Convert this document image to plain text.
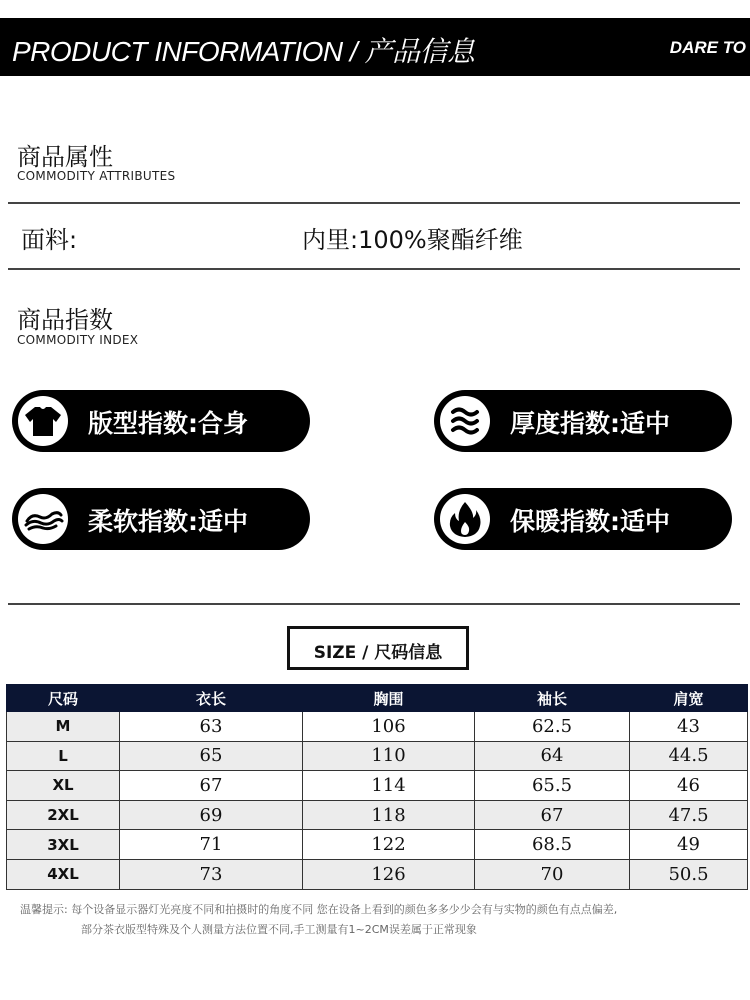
PRODUCT INFORMATION / 产品信息	DARE TO
商品属性
COMMODITY ATTRIBUTES
面料:	内里:100%聚酯纤维
商品指数
COMMODITY INDEX
版型指数:合身	厚度指数:适中
柔软指数:适中	保暖指数:适中
SIZE / 尺码信息
尺码	衣长	胸围	袖长	肩宽
M	63	106	62.5	43
L	65	110	64	44.5
XL	67	114	65.5	46
2XL	69	118	67	47.5
3XL	71	122	68.5	49
4XL	73	126	70	50.5
温馨提示: 每个设备显示器灯光亮度不同和拍摄时的角度不同 您在设备上看到的颜色多多少少会有与实物的颜色有点点偏差,
部分茶衣版型特殊及个人测量方法位置不同,手工测量有1~2CM误差属于正常现象
